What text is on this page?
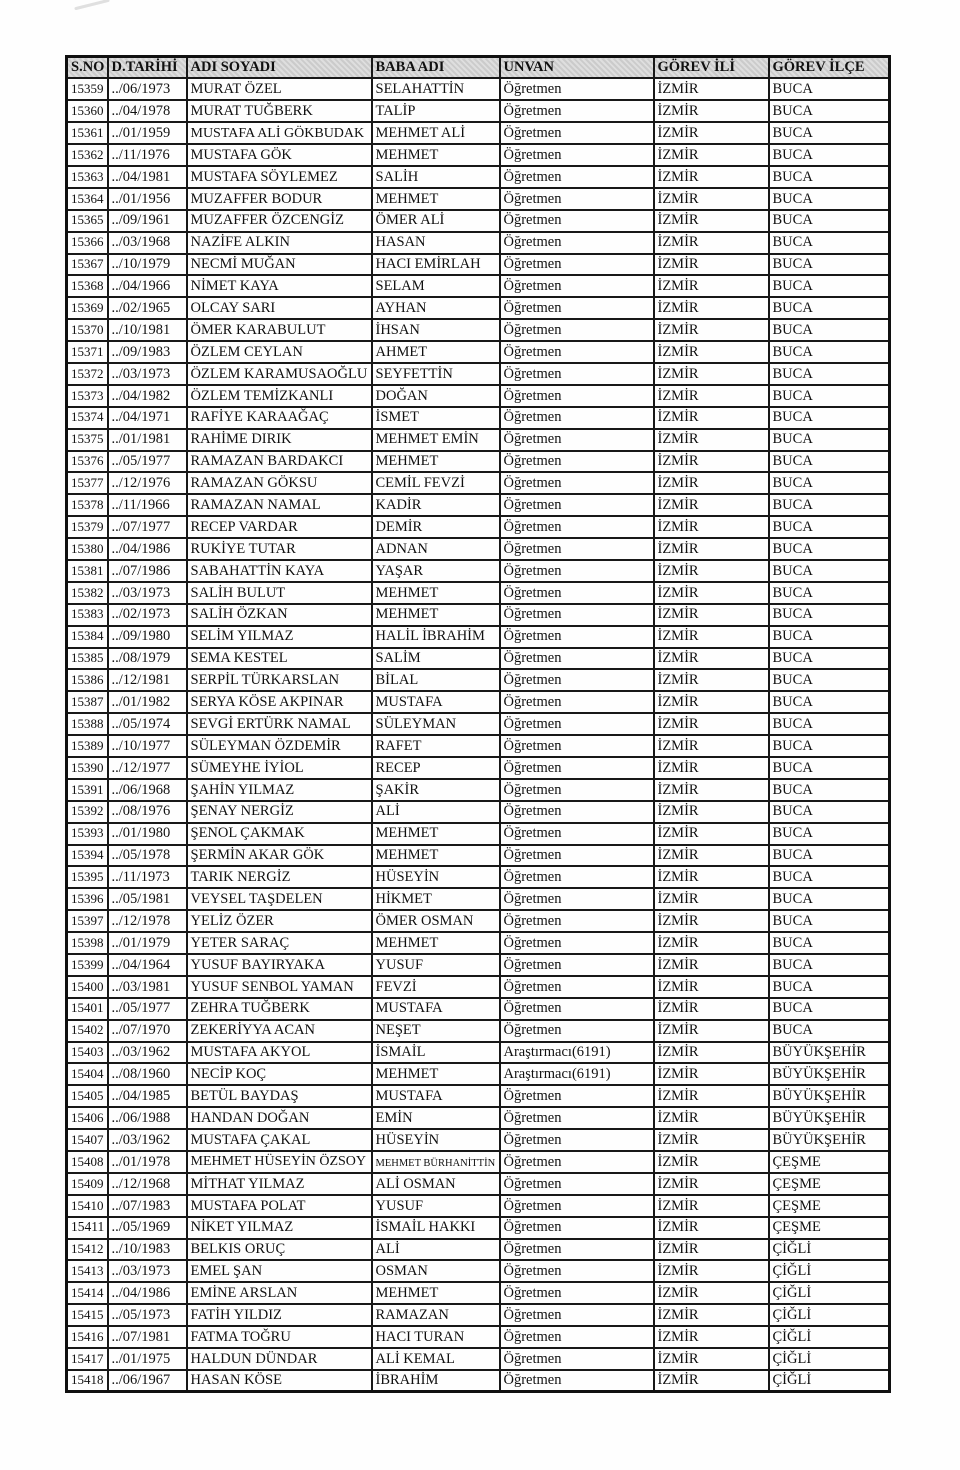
S.NO	D.TARİHİ	ADI SOYADI	BABA ADI	UNVAN	GÖREV İLİ	GÖREV İLÇE
15359	../06/1973	MURAT ÖZEL	SELAHATTİN	Öğretmen	İZMİR	BUCA
15360	../04/1978	MURAT TUĞBERK	TALİP	Öğretmen	İZMİR	BUCA
15361	../01/1959	MUSTAFA ALİ GÖKBUDAK	MEHMET ALİ	Öğretmen	İZMİR	BUCA
15362	../11/1976	MUSTAFA GÖK	MEHMET	Öğretmen	İZMİR	BUCA
15363	../04/1981	MUSTAFA SÖYLEMEZ	SALİH	Öğretmen	İZMİR	BUCA
15364	../01/1956	MUZAFFER BODUR	MEHMET	Öğretmen	İZMİR	BUCA
15365	../09/1961	MUZAFFER ÖZCENGİZ	ÖMER ALİ	Öğretmen	İZMİR	BUCA
15366	../03/1968	NAZİFE ALKIN	HASAN	Öğretmen	İZMİR	BUCA
15367	../10/1979	NECMİ MUĞAN	HACI EMİRLAH	Öğretmen	İZMİR	BUCA
15368	../04/1966	NİMET KAYA	SELAM	Öğretmen	İZMİR	BUCA
15369	../02/1965	OLCAY SARI	AYHAN	Öğretmen	İZMİR	BUCA
15370	../10/1981	ÖMER KARABULUT	İHSAN	Öğretmen	İZMİR	BUCA
15371	../09/1983	ÖZLEM CEYLAN	AHMET	Öğretmen	İZMİR	BUCA
15372	../03/1973	ÖZLEM KARAMUSAOĞLU	SEYFETTİN	Öğretmen	İZMİR	BUCA
15373	../04/1982	ÖZLEM TEMİZKANLI	DOĞAN	Öğretmen	İZMİR	BUCA
15374	../04/1971	RAFİYE KARAAĞAÇ	İSMET	Öğretmen	İZMİR	BUCA
15375	../01/1981	RAHİME DIRIK	MEHMET EMİN	Öğretmen	İZMİR	BUCA
15376	../05/1977	RAMAZAN BARDAKCI	MEHMET	Öğretmen	İZMİR	BUCA
15377	../12/1976	RAMAZAN GÖKSU	CEMİL FEVZİ	Öğretmen	İZMİR	BUCA
15378	../11/1966	RAMAZAN NAMAL	KADİR	Öğretmen	İZMİR	BUCA
15379	../07/1977	RECEP VARDAR	DEMİR	Öğretmen	İZMİR	BUCA
15380	../04/1986	RUKİYE TUTAR	ADNAN	Öğretmen	İZMİR	BUCA
15381	../07/1986	SABAHATTİN KAYA	YAŞAR	Öğretmen	İZMİR	BUCA
15382	../03/1973	SALİH BULUT	MEHMET	Öğretmen	İZMİR	BUCA
15383	../02/1973	SALİH ÖZKAN	MEHMET	Öğretmen	İZMİR	BUCA
15384	../09/1980	SELİM YILMAZ	HALİL İBRAHİM	Öğretmen	İZMİR	BUCA
15385	../08/1979	SEMA KESTEL	SALİM	Öğretmen	İZMİR	BUCA
15386	../12/1981	SERPİL TÜRKARSLAN	BİLAL	Öğretmen	İZMİR	BUCA
15387	../01/1982	SERYA KÖSE AKPINAR	MUSTAFA	Öğretmen	İZMİR	BUCA
15388	../05/1974	SEVGİ ERTÜRK NAMAL	SÜLEYMAN	Öğretmen	İZMİR	BUCA
15389	../10/1977	SÜLEYMAN ÖZDEMİR	RAFET	Öğretmen	İZMİR	BUCA
15390	../12/1977	SÜMEYHE İYİOL	RECEP	Öğretmen	İZMİR	BUCA
15391	../06/1968	ŞAHİN YILMAZ	ŞAKİR	Öğretmen	İZMİR	BUCA
15392	../08/1976	ŞENAY NERGİZ	ALİ	Öğretmen	İZMİR	BUCA
15393	../01/1980	ŞENOL ÇAKMAK	MEHMET	Öğretmen	İZMİR	BUCA
15394	../05/1978	ŞERMİN AKAR GÖK	MEHMET	Öğretmen	İZMİR	BUCA
15395	../11/1973	TARIK NERGİZ	HÜSEYİN	Öğretmen	İZMİR	BUCA
15396	../05/1981	VEYSEL TAŞDELEN	HİKMET	Öğretmen	İZMİR	BUCA
15397	../12/1978	YELİZ ÖZER	ÖMER OSMAN	Öğretmen	İZMİR	BUCA
15398	../01/1979	YETER SARAÇ	MEHMET	Öğretmen	İZMİR	BUCA
15399	../04/1964	YUSUF BAYIRYAKA	YUSUF	Öğretmen	İZMİR	BUCA
15400	../03/1981	YUSUF SENBOL YAMAN	FEVZİ	Öğretmen	İZMİR	BUCA
15401	../05/1977	ZEHRA TUĞBERK	MUSTAFA	Öğretmen	İZMİR	BUCA
15402	../07/1970	ZEKERİYYA ACAN	NEŞET	Öğretmen	İZMİR	BUCA
15403	../03/1962	MUSTAFA AKYOL	İSMAİL	Araştırmacı(6191)	İZMİR	BÜYÜKŞEHİR
15404	../08/1960	NECİP KOÇ	MEHMET	Araştırmacı(6191)	İZMİR	BÜYÜKŞEHİR
15405	../04/1985	BETÜL BAYDAŞ	MUSTAFA	Öğretmen	İZMİR	BÜYÜKŞEHİR
15406	../06/1988	HANDAN DOĞAN	EMİN	Öğretmen	İZMİR	BÜYÜKŞEHİR
15407	../03/1962	MUSTAFA ÇAKAL	HÜSEYİN	Öğretmen	İZMİR	BÜYÜKŞEHİR
15408	../01/1978	MEHMET HÜSEYİN ÖZSOY	MEHMET BÜRHANİTTİN	Öğretmen	İZMİR	ÇEŞME
15409	../12/1968	MİTHAT YILMAZ	ALİ OSMAN	Öğretmen	İZMİR	ÇEŞME
15410	../07/1983	MUSTAFA POLAT	YUSUF	Öğretmen	İZMİR	ÇEŞME
15411	../05/1969	NİKET YILMAZ	İSMAİL HAKKI	Öğretmen	İZMİR	ÇEŞME
15412	../10/1983	BELKIS ORUÇ	ALİ	Öğretmen	İZMİR	ÇİĞLİ
15413	../03/1973	EMEL ŞAN	OSMAN	Öğretmen	İZMİR	ÇİĞLİ
15414	../04/1986	EMİNE ARSLAN	MEHMET	Öğretmen	İZMİR	ÇİĞLİ
15415	../05/1973	FATİH YILDIZ	RAMAZAN	Öğretmen	İZMİR	ÇİĞLİ
15416	../07/1981	FATMA TOĞRU	HACI TURAN	Öğretmen	İZMİR	ÇİĞLİ
15417	../01/1975	HALDUN DÜNDAR	ALİ KEMAL	Öğretmen	İZMİR	ÇİĞLİ
15418	../06/1967	HASAN KÖSE	İBRAHİM	Öğretmen	İZMİR	ÇİĞLİ
